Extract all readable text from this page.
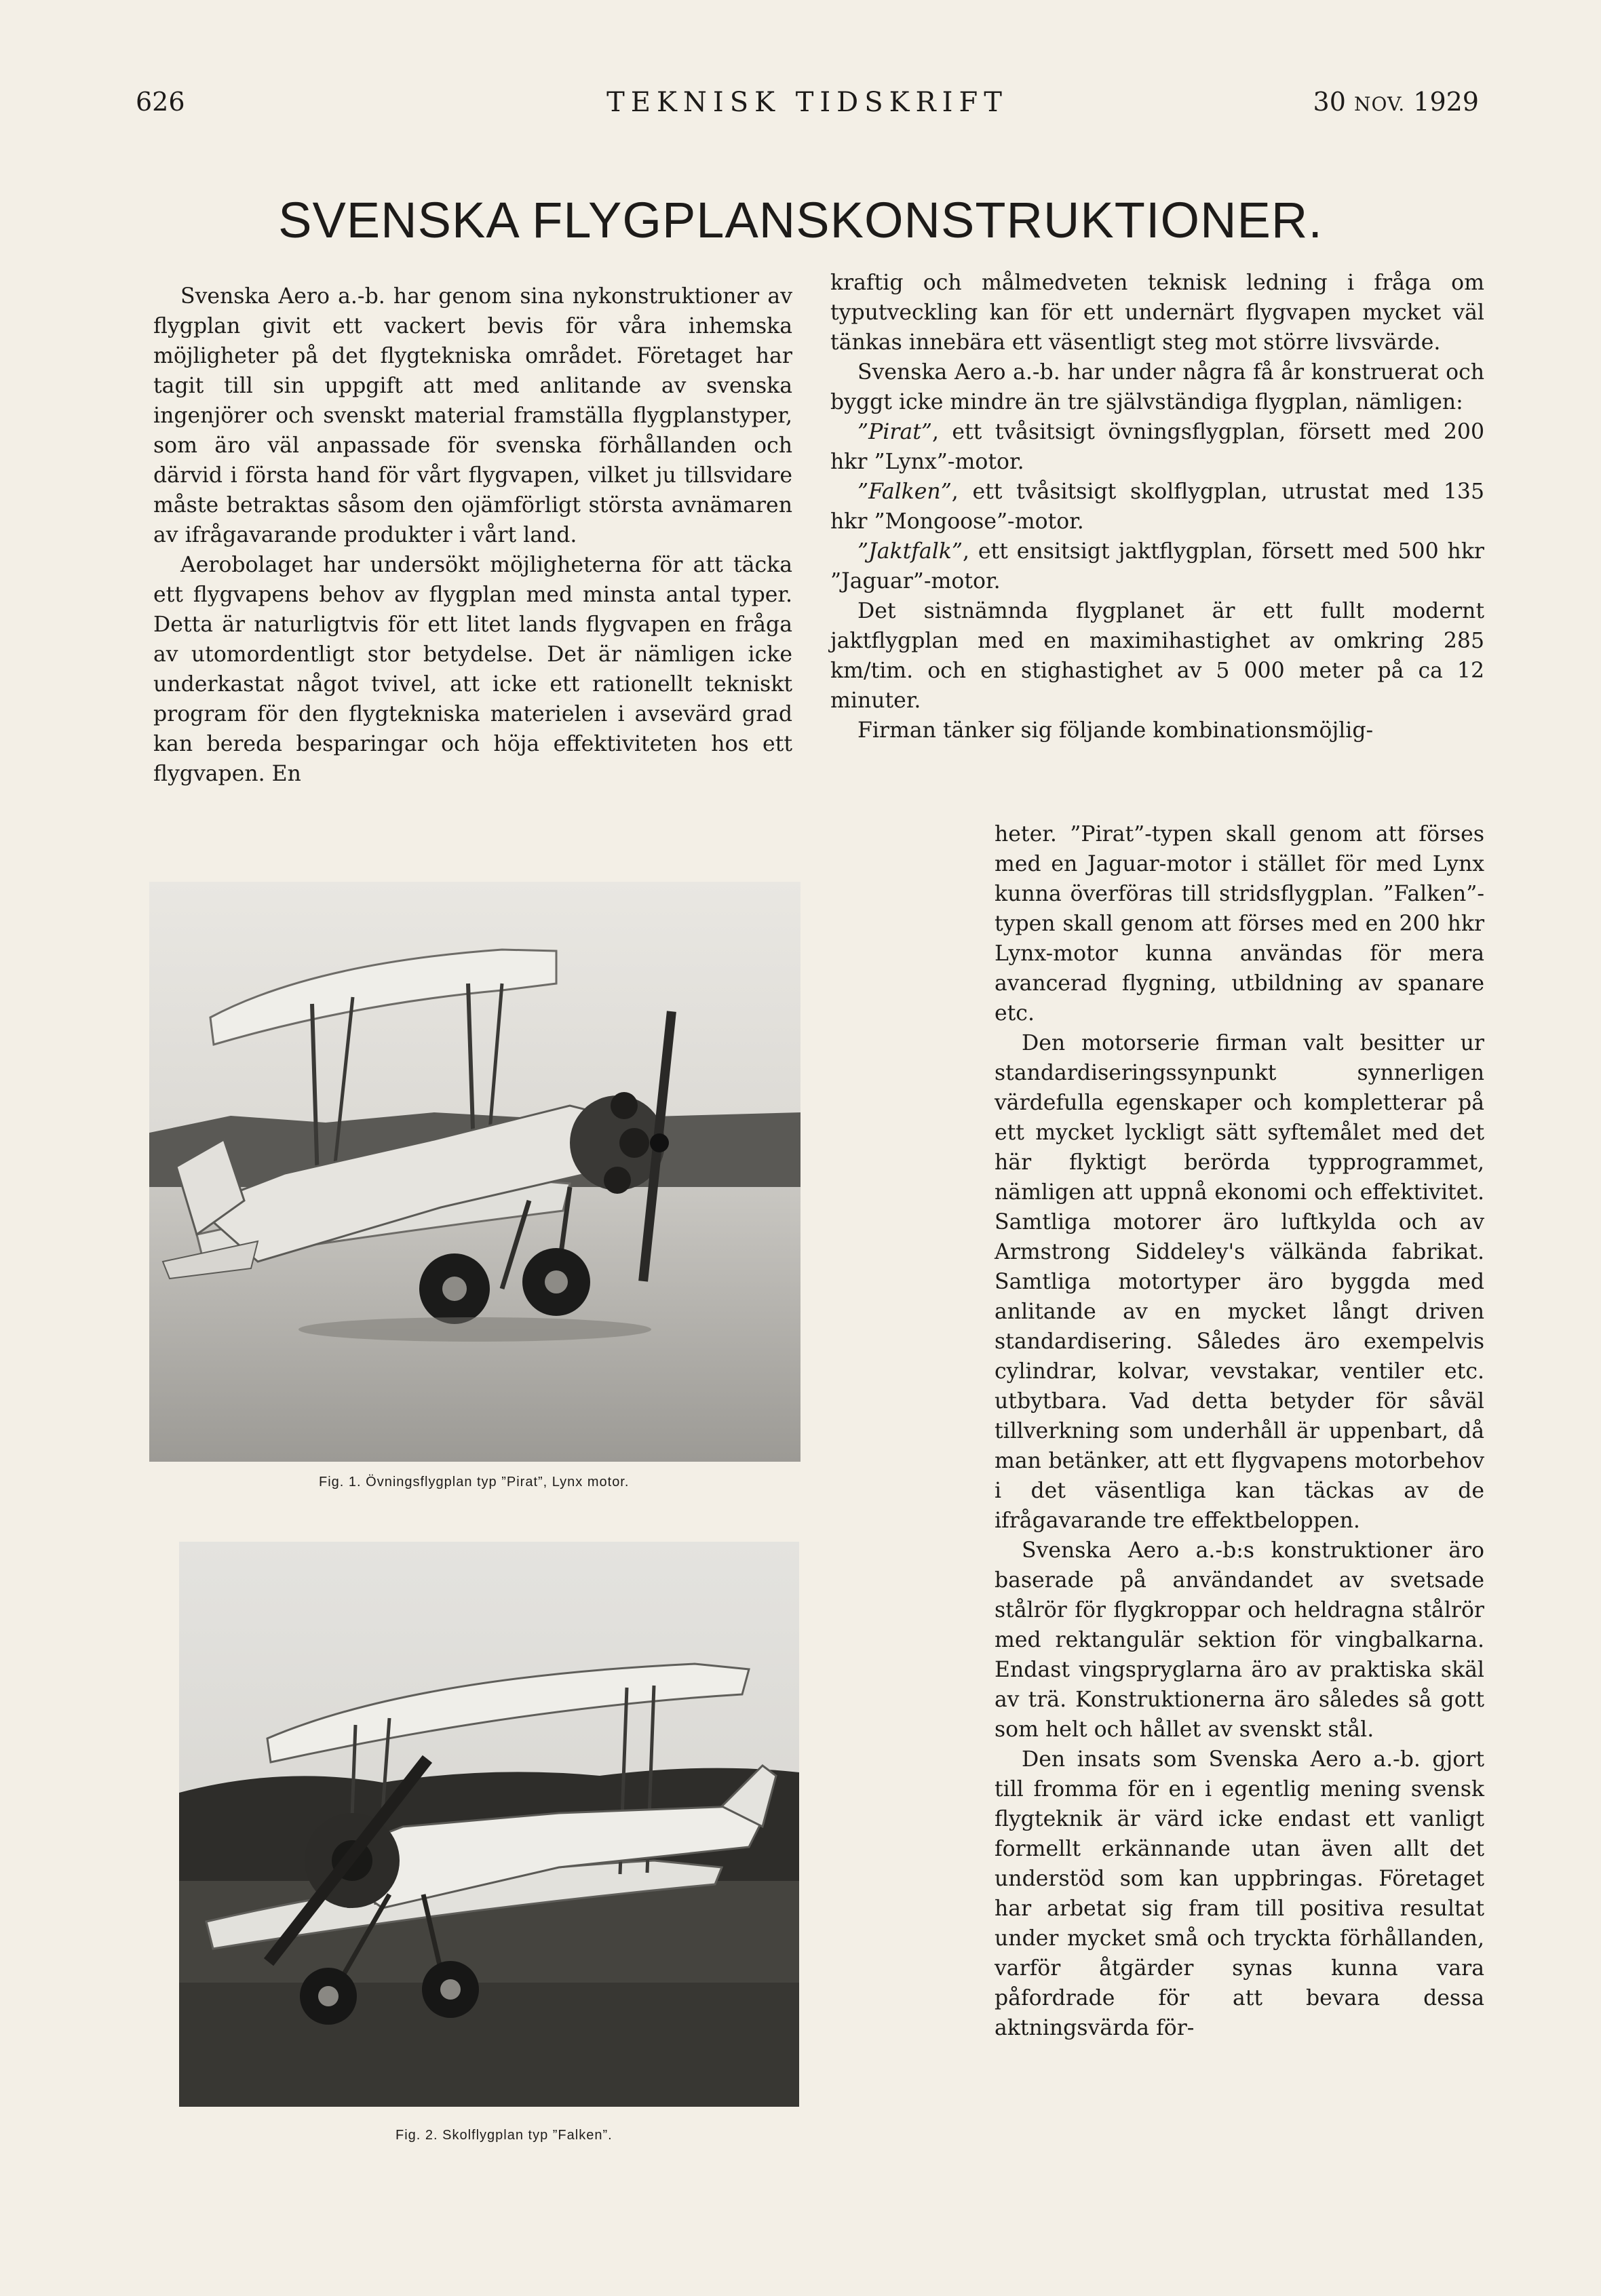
626	TEKNISK TIDSKRIFT	30 NOV. 1929
SVENSKA FLYGPLANSKONSTRUKTIONER.

Svenska Aero a.-b. har genom sina nykonstruktioner av flygplan givit ett vackert bevis för våra inhemska möjligheter på det flygtekniska området. Företaget har tagit till sin uppgift att med anlitande av svenska ingenjörer och svenskt material framställa flygplanstyper, som äro väl anpassade för svenska förhållanden och därvid i första hand för vårt flygvapen, vilket ju tillsvidare måste betraktas såsom den ojämförligt största avnämaren av ifrågavarande produkter i vårt land.

Aerobolaget har undersökt möjligheterna för att täcka ett flygvapens behov av flygplan med minsta antal typer. Detta är naturligtvis för ett litet lands flygvapen en fråga av utomordentligt stor betydelse. Det är nämligen icke underkastat något tvivel, att icke ett rationellt tekniskt program för den flygtekniska materielen i avsevärd grad kan bereda besparingar och höja effektiviteten hos ett flygvapen. En

kraftig och målmedveten teknisk ledning i fråga om typutveckling kan för ett undernärt flygvapen mycket väl tänkas innebära ett väsentligt steg mot större livsvärde.

Svenska Aero a.-b. har under några få år konstruerat och byggt icke mindre än tre självständiga flygplan, nämligen:

”Pirat”, ett tvåsitsigt övningsflygplan, försett med 200 hkr ”Lynx”-motor.

”Falken”, ett tvåsitsigt skolflygplan, utrustat med 135 hkr ”Mongoose”-motor.

”Jaktfalk”, ett ensitsigt jaktflygplan, försett med 500 hkr ”Jaguar”-motor.

Det sistnämnda flygplanet är ett fullt modernt jaktflygplan med en maximihastighet av omkring 285 km/tim. och en stighastighet av 5 000 meter på ca 12 minuter.

Firman tänker sig följande kombinationsmöjlig-

heter. ”Pirat”-typen skall genom att förses med en Jaguar-motor i stället för med Lynx kunna överföras till stridsflygplan. ”Falken”-typen skall genom att förses med en 200 hkr Lynx-motor kunna användas för mera avancerad flygning, utbildning av spanare etc.

Den motorserie firman valt besitter ur standardiseringssynpunkt synnerligen värdefulla egenskaper och kompletterar på ett mycket lyckligt sätt syftemålet med det här flyktigt berörda typprogrammet, nämligen att uppnå ekonomi och effektivitet. Samtliga motorer äro luftkylda och av Armstrong Siddeley's välkända fabrikat. Samtliga motortyper äro byggda med anlitande av en mycket långt driven standardisering. Således äro exempelvis cylindrar, kolvar, vevstakar, ventiler etc. utbytbara. Vad detta betyder för såväl tillverkning som underhåll är uppenbart, då man betänker, att ett flygvapens motorbehov i det väsentliga kan täckas av de ifrågavarande tre effektbeloppen.

Svenska Aero a.-b:s konstruktioner äro baserade på användandet av svetsade stålrör för flygkroppar och heldragna stålrör med rektangulär sektion för vingbalkarna. Endast vingspryglarna äro av praktiska skäl av trä. Konstruktionerna äro således så gott som helt och hållet av svenskt stål.

Den insats som Svenska Aero a.-b. gjort till fromma för en i egentlig mening svensk flygteknik är värd icke endast ett vanligt formellt erkännande utan även allt det understöd som kan uppbringas. Företaget har arbetat sig fram till positiva resultat under mycket små och tryckta förhållanden, varför åtgärder synas kunna vara påfordrade för att bevara dessa aktningsvärda för-

Fig. 1. Övningsflygplan typ ”Pirat”, Lynx motor.
Fig. 2. Skolflygplan typ ”Falken”.
